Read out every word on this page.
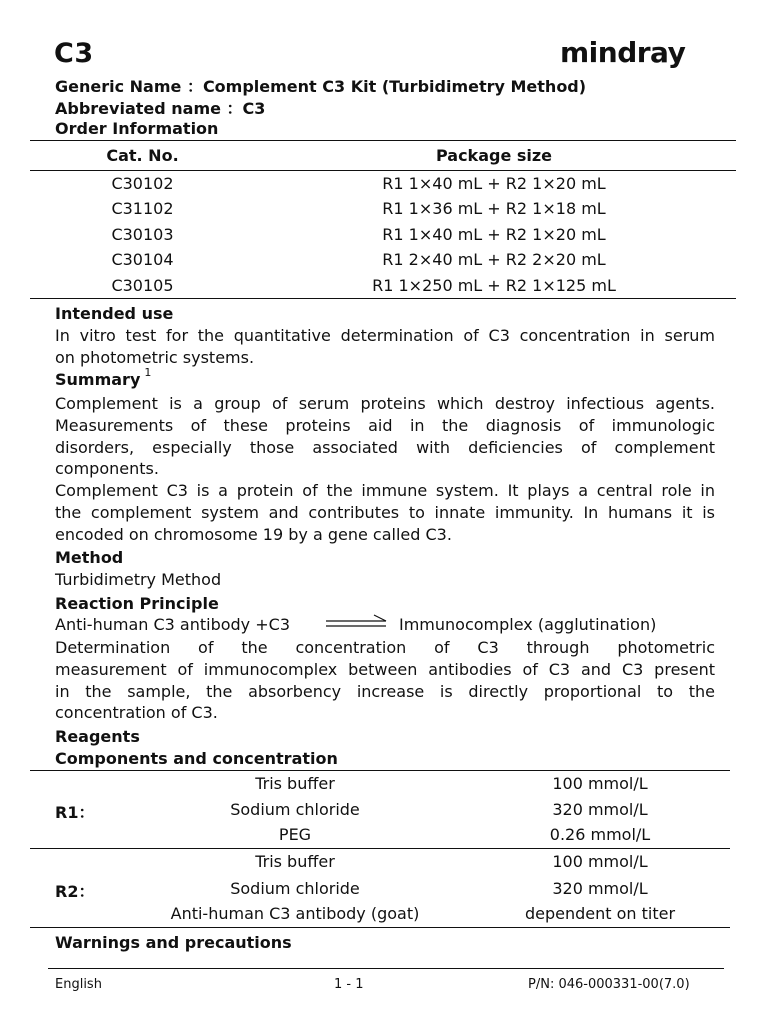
C3	mindray
Generic Name ：Complement C3 Kit (Turbidimetry Method)
Abbreviated name ：C3
Order Information
Cat. No.	Package size
C30102	R1 1×40 mL + R2 1×20 mL
C31102	R1 1×36 mL + R2 1×18 mL
C30103	R1 1×40 mL + R2 1×20 mL
C30104	R1 2×40 mL + R2 2×20 mL
C30105	R1 1×250 mL + R2 1×125 mL
Intended use
In vitro test for the quantitative determination of C3 concentration in serum
on photometric systems.
Summary $^1$
Complement is a group of serum proteins which destroy infectious agents.
Measurements of these proteins aid in the diagnosis of immunologic
disorders, especially those associated with deficiencies of complement
components.
Complement C3 is a protein of the immune system. It plays a central role in
the complement system and contributes to innate immunity. In humans it is
encoded on chromosome 19 by a gene called C3.
Method
Turbidimetry Method
Reaction Principle
Anti-human C3 antibody +C3	Immunocomplex (agglutination)
Determination of the concentration of C3 through photometric
measurement of immunocomplex between antibodies of C3 and C3 present
in the sample, the absorbency increase is directly proportional to the
concentration of C3.
Reagents
Components and concentration
R1：
Tris buffer	100 mmol/L
Sodium chloride	320 mmol/L
PEG	0.26 mmol/L
R2：
Tris buffer	100 mmol/L
Sodium chloride	320 mmol/L
Anti-human C3 antibody (goat)	dependent on titer
Warnings and precautions
English	1 - 1	P/N: 046-000331-00(7.0)
